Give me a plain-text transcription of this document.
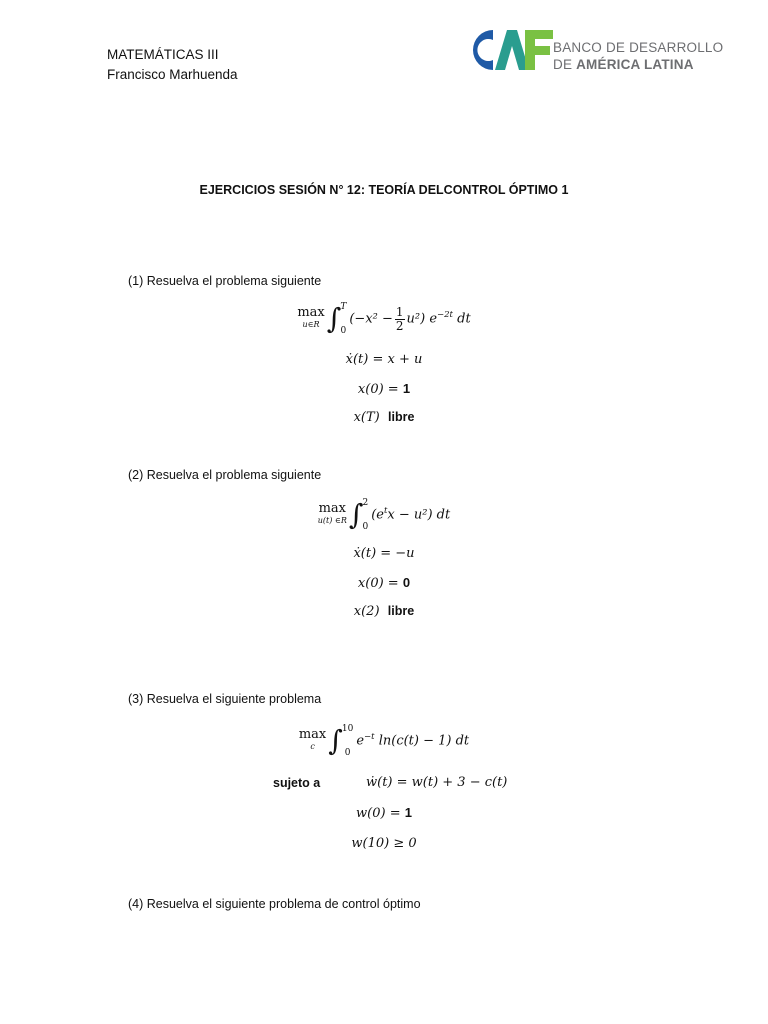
MATEMÁTICAS III
Francisco Marhuenda
BANCO DE DESARROLLO
DE AMÉRICA LATINA
EJERCICIOS SESIÓN N° 12: TEORÍA DELCONTROL ÓPTIMO 1
(1) Resuelva el problema siguiente
max
u∈R ∫ T
0
$(-x^2 - \frac{1}{2} u^2)$ $e^{-2t}$ dt
ẋ(t) = x + u
x(0) = 1
x(T) libre
(2) Resuelva el problema siguiente
max
u(t) ∈R ∫ 2
0
$(e^tx - u^2)$ dt
ẋ(t) = −u
x(0) = 0
x(2) libre
(3) Resuelva el siguiente problema
max
c ∫ 10
0
$e^{-t}$ ln(c(t) − 1) dt
sujeto a	ẇ(t) = w(t) + 3 − c(t)
w(0) = 1
w(10) ≥ 0
(4) Resuelva el siguiente problema de control óptimo
